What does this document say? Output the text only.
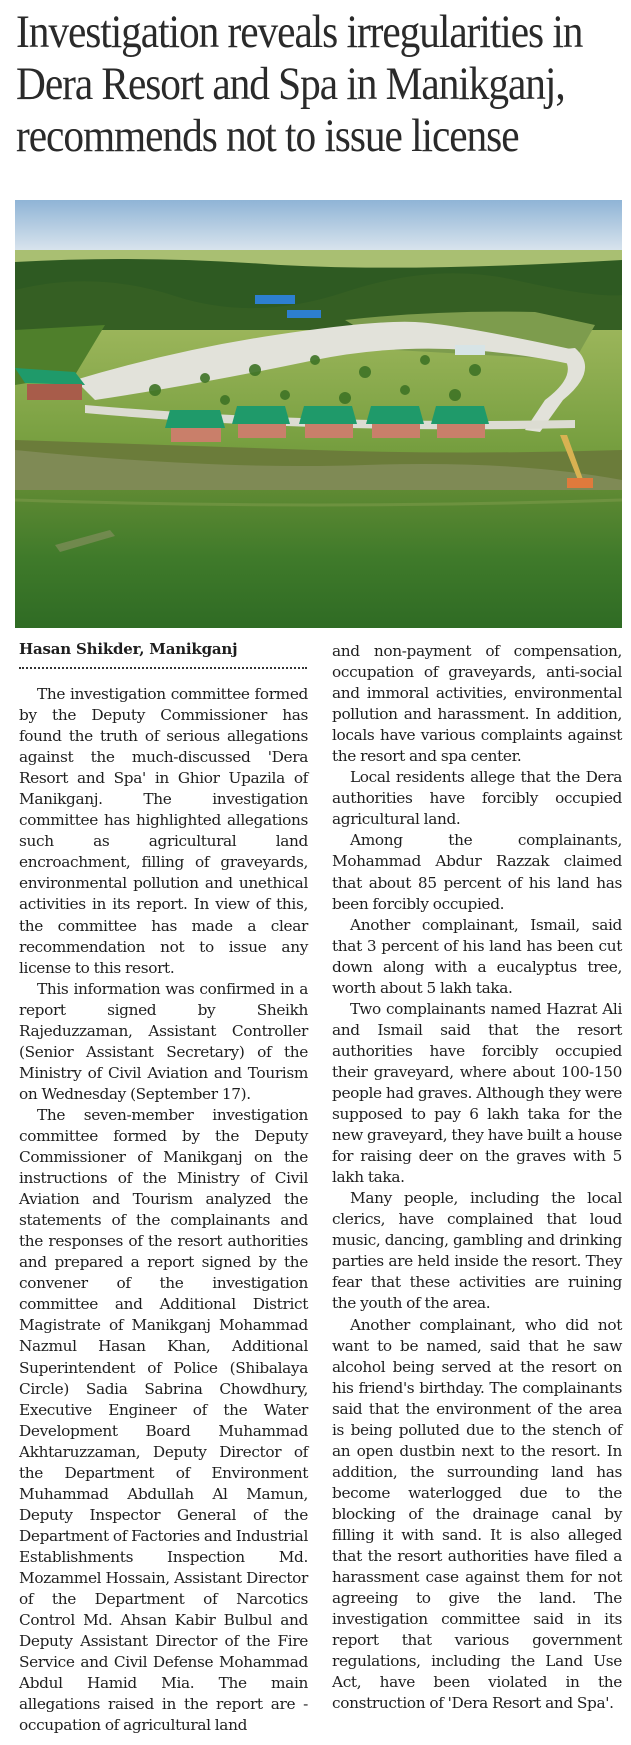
Investigation reveals irregularities in
Dera Resort and Spa in Manikganj,
recommends not to issue license
Hasan Shikder, Manikganj

The investigation committee formed by the Deputy Commissioner has found the truth of serious allegations against the much-discussed 'Dera Resort and Spa' in Ghior Upazila of Manikganj. The investigation committee has highlighted allegations such as agricultural land encroachment, filling of graveyards, environmental pollution and unethical activities in its report. In view of this, the committee has made a clear recommendation not to issue any license to this resort.

This information was confirmed in a report signed by Sheikh Rajeduzzaman, Assistant Controller (Senior Assistant Secretary) of the Ministry of Civil Aviation and Tourism on Wednesday (September 17).

The seven-member investigation committee formed by the Deputy Commissioner of Manikganj on the instructions of the Ministry of Civil Aviation and Tourism analyzed the statements of the complainants and the responses of the resort authorities and prepared a report signed by the convener of the investigation committee and Additional District Magistrate of Manikganj Mohammad Nazmul Hasan Khan, Additional Superintendent of Police (Shibalaya Circle) Sadia Sabrina Chowdhury, Executive Engineer of the Water Development Board Muhammad Akhtaruzzaman, Deputy Director of the Department of Environment Muhammad Abdullah Al Mamun, Deputy Inspector General of the Department of Factories and Industrial Establishments Inspection Md. Mozammel Hossain, Assistant Director of the Department of Narcotics Control Md. Ahsan Kabir Bulbul and Deputy Assistant Director of the Fire Service and Civil Defense Mohammad Abdul Hamid Mia. The main allegations raised in the report are - occupation of agricultural land

and non-payment of compensation, occupation of graveyards, anti-social and immoral activities, environmental pollution and harassment. In addition, locals have various complaints against the resort and spa center.

Local residents allege that the Dera authorities have forcibly occupied agricultural land.

Among the complainants, Mohammad Abdur Razzak claimed that about 85 percent of his land has been forcibly occupied.

Another complainant, Ismail, said that 3 percent of his land has been cut down along with a eucalyptus tree, worth about 5 lakh taka.

Two complainants named Hazrat Ali and Ismail said that the resort authorities have forcibly occupied their graveyard, where about 100-150 people had graves. Although they were supposed to pay 6 lakh taka for the new graveyard, they have built a house for raising deer on the graves with 5 lakh taka.

Many people, including the local clerics, have complained that loud music, dancing, gambling and drinking parties are held inside the resort. They fear that these activities are ruining the youth of the area.

Another complainant, who did not want to be named, said that he saw alcohol being served at the resort on his friend's birthday. The complainants said that the environment of the area is being polluted due to the stench of an open dustbin next to the resort. In addition, the surrounding land has become waterlogged due to the blocking of the drainage canal by filling it with sand. It is also alleged that the resort authorities have filed a harassment case against them for not agreeing to give the land. The investigation committee said in its report that various government regulations, including the Land Use Act, have been violated in the construction of 'Dera Resort and Spa'.
